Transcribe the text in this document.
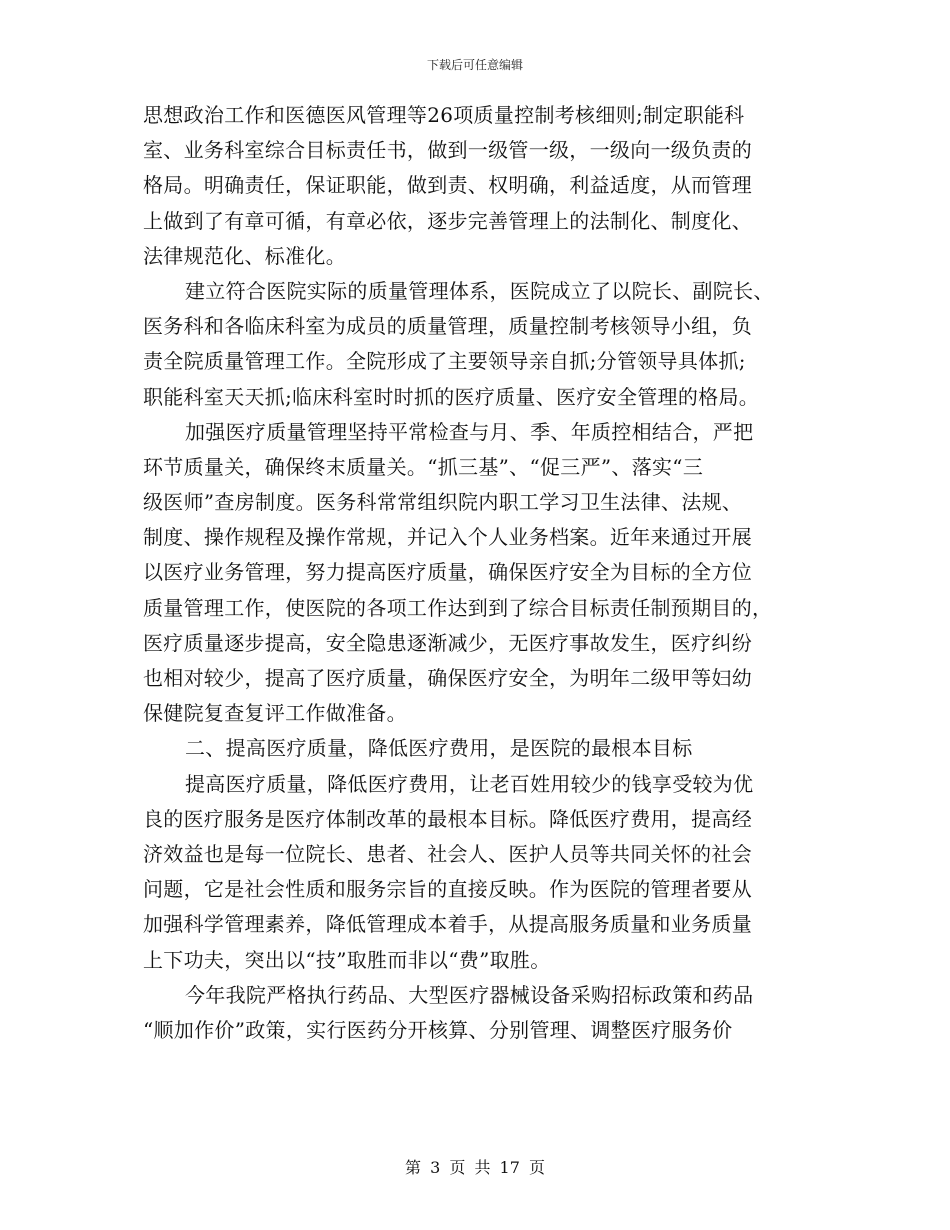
下载后可任意编辑
思想政治工作和医德医风管理等26项质量控制考核细则;制定职能科
室、业务科室综合目标责任书，做到一级管一级，一级向一级负责的
格局。明确责任，保证职能，做到责、权明确，利益适度，从而管理
上做到了有章可循，有章必依，逐步完善管理上的法制化、制度化、
法律规范化、标准化。
建立符合医院实际的质量管理体系，医院成立了以院长、副院长、
医务科和各临床科室为成员的质量管理，质量控制考核领导小组，负
责全院质量管理工作。全院形成了主要领导亲自抓;分管领导具体抓;
职能科室天天抓;临床科室时时抓的医疗质量、医疗安全管理的格局。
加强医疗质量管理坚持平常检查与月、季、年质控相结合，严把
环节质量关，确保终末质量关。“抓三基”、“促三严”、落实“三
级医师”查房制度。医务科常常组织院内职工学习卫生法律、法规、
制度、操作规程及操作常规，并记入个人业务档案。近年来通过开展
以医疗业务管理，努力提高医疗质量，确保医疗安全为目标的全方位
质量管理工作，使医院的各项工作达到到了综合目标责任制预期目的，
医疗质量逐步提高，安全隐患逐渐减少，无医疗事故发生，医疗纠纷
也相对较少，提高了医疗质量，确保医疗安全，为明年二级甲等妇幼
保健院复查复评工作做准备。
二、提高医疗质量，降低医疗费用，是医院的最根本目标
提高医疗质量，降低医疗费用，让老百姓用较少的钱享受较为优
良的医疗服务是医疗体制改革的最根本目标。降低医疗费用，提高经
济效益也是每一位院长、患者、社会人、医护人员等共同关怀的社会
问题，它是社会性质和服务宗旨的直接反映。作为医院的管理者要从
加强科学管理素养，降低管理成本着手，从提高服务质量和业务质量
上下功夫，突出以“技”取胜而非以“费”取胜。
今年我院严格执行药品、大型医疗器械设备采购招标政策和药品
“顺加作价”政策，实行医药分开核算、分别管理、调整医疗服务价
第 3 页 共 17 页
